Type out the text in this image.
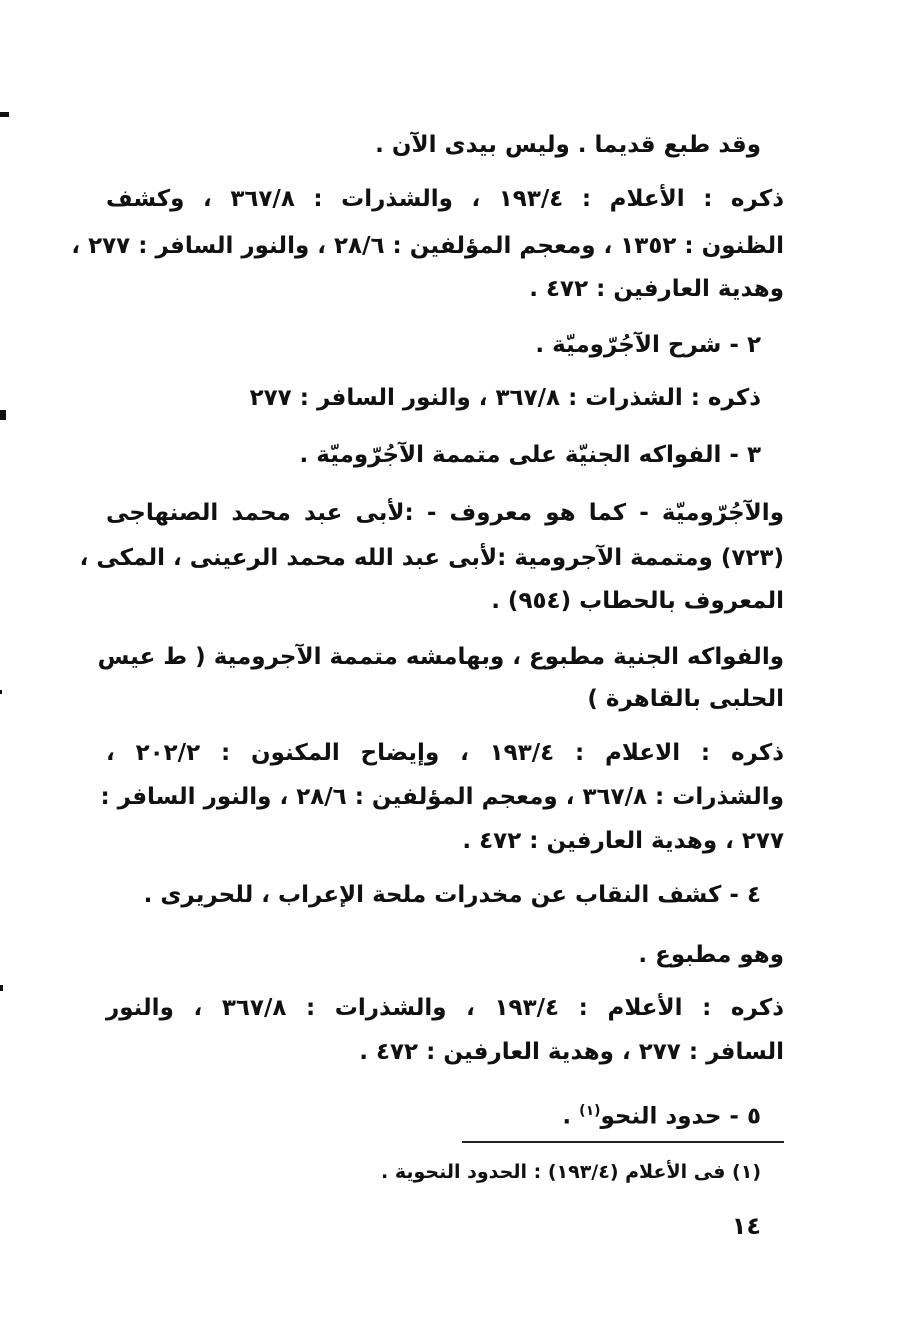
وقد طبع قديما . وليس بيدى الآن .
ذكره : الأعلام : ١٩٣/٤ ، والشذرات : ٣٦٧/٨ ، وكشف
الظنون : ١٣٥٢ ، ومعجم المؤلفين : ٢٨/٦ ، والنور السافر : ٢٧٧ ،
وهدية العارفين : ٤٧٢ .
٢ - شرح الآجُرّوميّة .
ذكره : الشذرات : ٣٦٧/٨ ، والنور السافر : ٢٧٧
٣ - الفواكه الجنيّة على متممة الآجُرّوميّة .
والآجُرّوميّة - كما هو معروف - :لأبى عبد محمد الصنهاجى
(٧٢٣) ومتممة الآجرومية :لأبى عبد الله محمد الرعينى ، المكى ،
المعروف بالحطاب (٩٥٤) .
والفواكه الجنية مطبوع ، وبهامشه متممة الآجرومية ( ط عيس
الحلبى بالقاهرة )
ذكره : الاعلام : ١٩٣/٤ ، وإيضاح المكنون : ٢٠٢/٢ ،
والشذرات : ٣٦٧/٨ ، ومعجم المؤلفين : ٢٨/٦ ، والنور السافر :
٢٧٧ ، وهدية العارفين : ٤٧٢ .
٤ - كشف النقاب عن مخدرات ملحة الإعراب ، للحريرى .
وهو مطبوع .
ذكره : الأعلام : ١٩٣/٤ ، والشذرات : ٣٦٧/٨ ، والنور
السافر : ٢٧٧ ، وهدية العارفين : ٤٧٢ .
٥ - حدود النحو$^{(١)}$ .
(١) فى الأعلام (١٩٣/٤) : الحدود النحوية .
١٤
